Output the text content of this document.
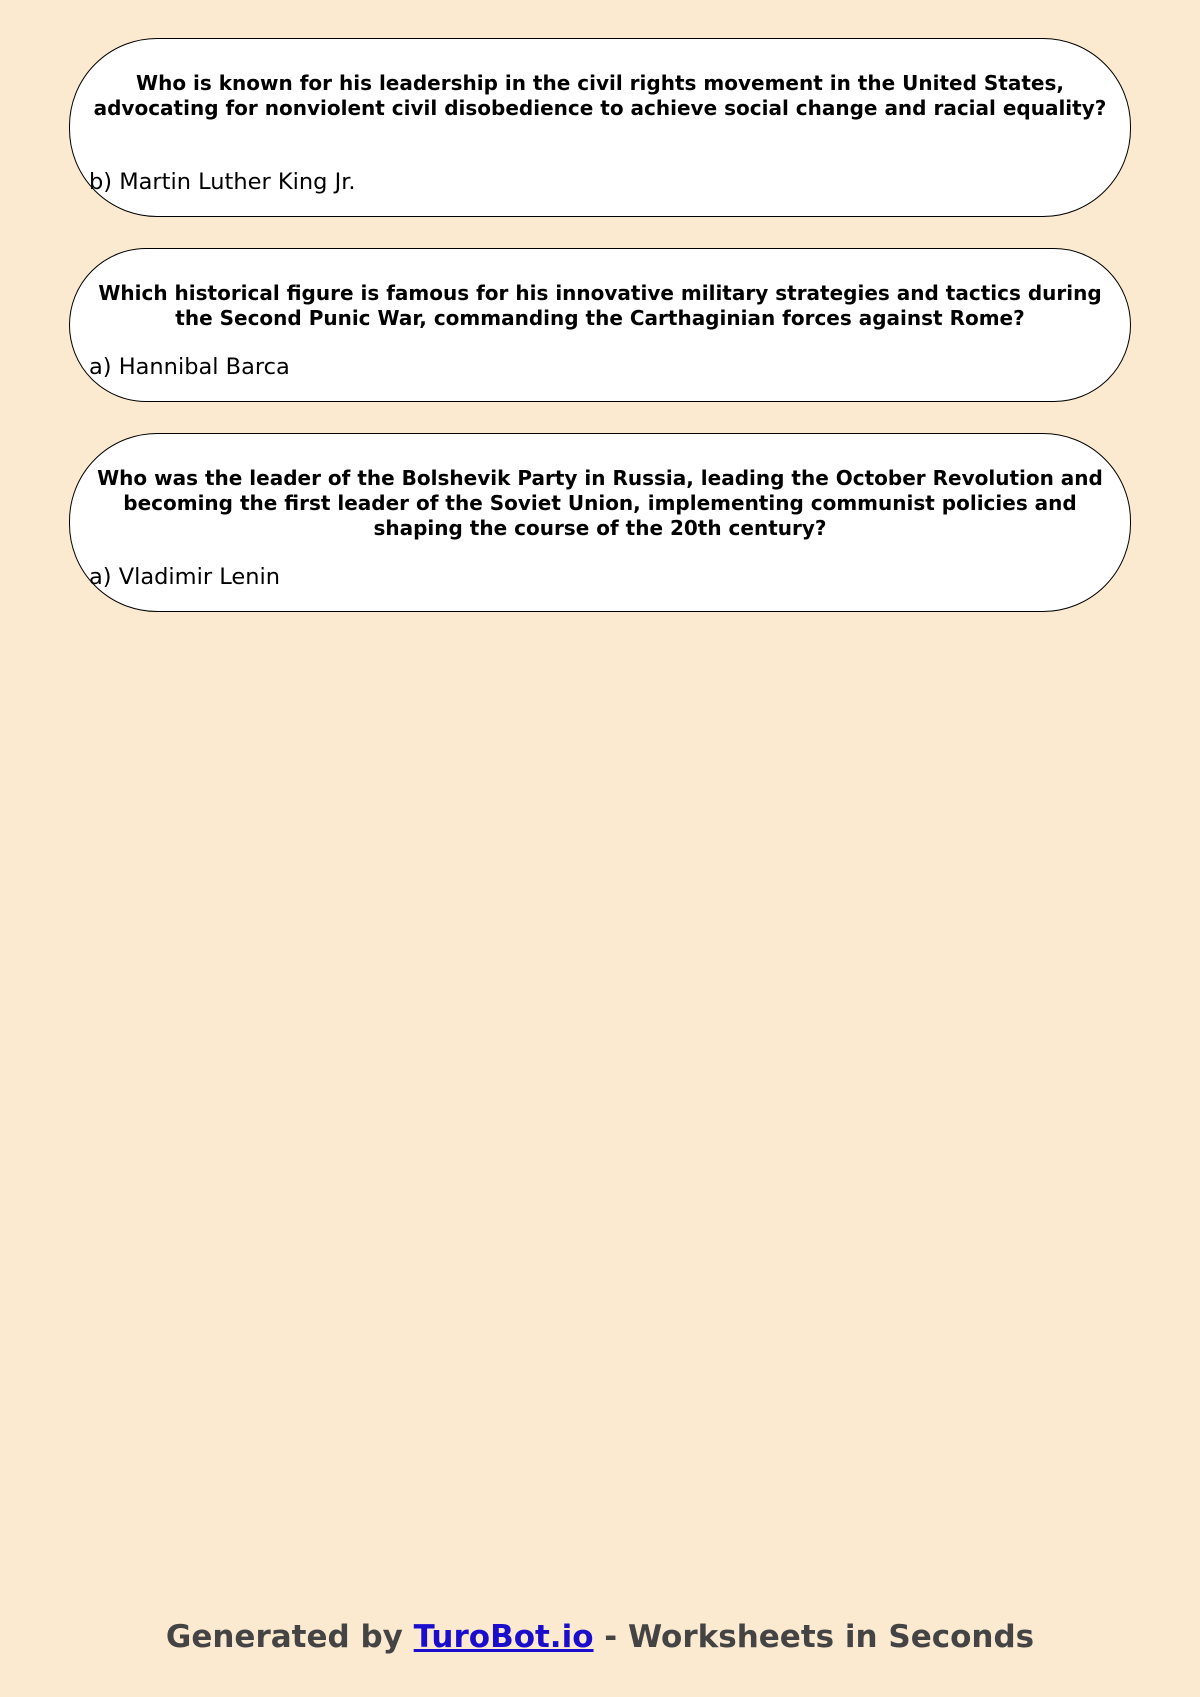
Who is known for his leadership in the civil rights movement in the United States, advocating for nonviolent civil disobedience to achieve social change and racial equality?

b) Martin Luther King Jr.

Which historical figure is famous for his innovative military strategies and tactics during the Second Punic War, commanding the Carthaginian forces against Rome?

a) Hannibal Barca

Who was the leader of the Bolshevik Party in Russia, leading the October Revolution and becoming the first leader of the Soviet Union, implementing communist policies and shaping the course of the 20th century?

a) Vladimir Lenin

Generated by TuroBot.io - Worksheets in Seconds
